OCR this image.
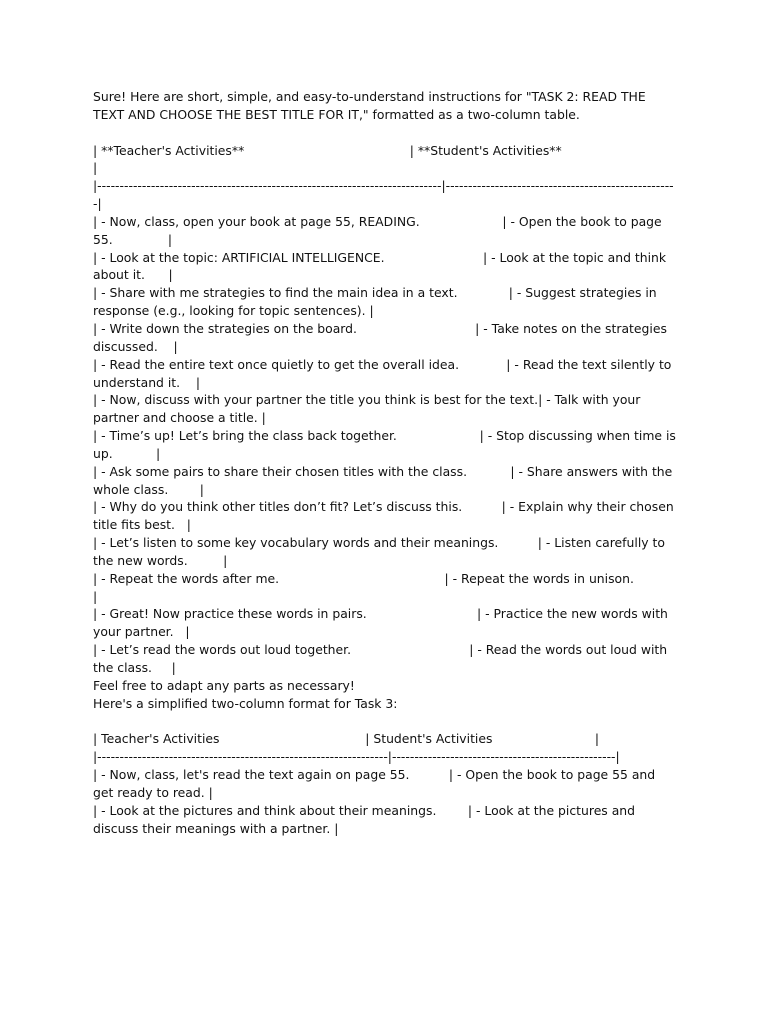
Sure! Here are short, simple, and easy-to-understand instructions for "TASK 2: READ THE TEXT AND CHOOSE THE BEST TITLE FOR IT," formatted as a two-column table.

| **Teacher's Activities**                                          | **Student's Activities**                                            |

|-----------------------------------------------------------------------------|----------------------------------------------------|

| - Now, class, open your book at page 55, READING.                     | - Open the book to page 55.              |

| - Look at the topic: ARTIFICIAL INTELLIGENCE.                         | - Look at the topic and think about it.      |

| - Share with me strategies to find the main idea in a text.             | - Suggest strategies in response (e.g., looking for topic sentences). |

| - Write down the strategies on the board.                              | - Take notes on the strategies discussed.    |

| - Read the entire text once quietly to get the overall idea.            | - Read the text silently to understand it.    |

| - Now, discuss with your partner the title you think is best for the text.| - Talk with your partner and choose a title. |

| - Time’s up! Let’s bring the class back together.                     | - Stop discussing when time is up.           |

| - Ask some pairs to share their chosen titles with the class.           | - Share answers with the whole class.        |

| - Why do you think other titles don’t fit? Let’s discuss this.          | - Explain why their chosen title fits best.   |

| - Let’s listen to some key vocabulary words and their meanings.          | - Listen carefully to the new words.         |

| - Repeat the words after me.                                          | - Repeat the words in unison.                 |

| - Great! Now practice these words in pairs.                            | - Practice the new words with your partner.   |

| - Let’s read the words out loud together.                              | - Read the words out loud with the class.     |

Feel free to adapt any parts as necessary!

Here's a simplified two-column format for Task 3:

| Teacher's Activities                                     | Student's Activities                          |

|-----------------------------------------------------------------|--------------------------------------------------|

| - Now, class, let's read the text again on page 55.          | - Open the book to page 55 and get ready to read. |

| - Look at the pictures and think about their meanings.        | - Look at the pictures and discuss their meanings with a partner. |
